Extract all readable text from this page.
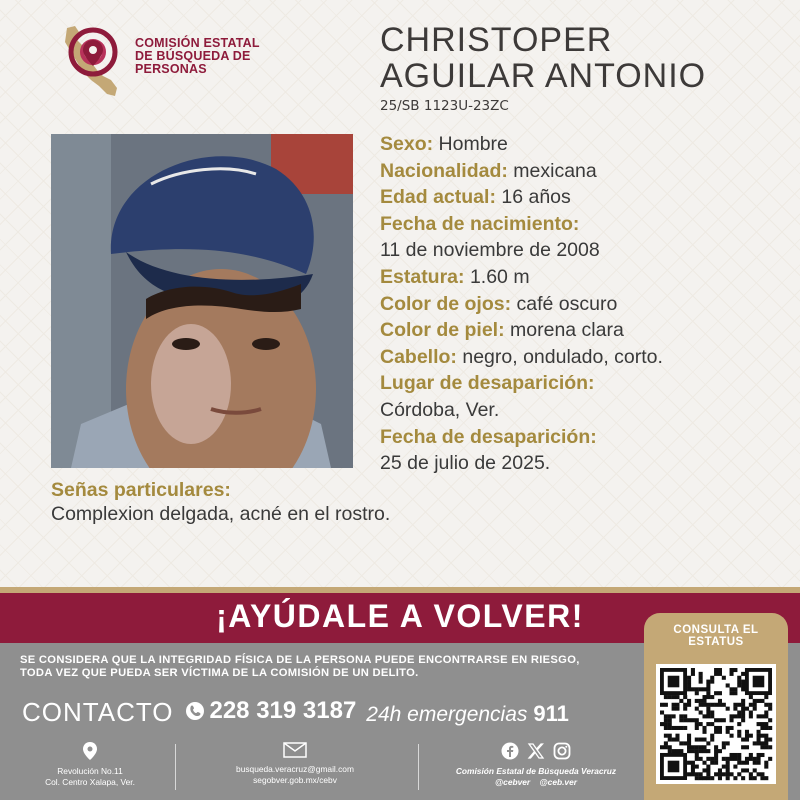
COMISIÓN ESTATAL
DE BÚSQUEDA DE
PERSONAS
CHRISTOPER
AGUILAR ANTONIO
25/SB 1123U-23ZC
Sexo: Hombre
Nacionalidad: mexicana
Edad actual: 16 años
Fecha de nacimiento:
11 de noviembre de 2008
Estatura: 1.60 m
Color de ojos: café oscuro
Color de piel: morena clara
Cabello: negro, ondulado, corto.
Lugar de desaparición:
Córdoba, Ver.
Fecha de desaparición:
25 de julio de 2025.
Señas particulares:
Complexion delgada, acné en el rostro.
¡AYÚDALE A VOLVER!
SE CONSIDERA QUE LA INTEGRIDAD FÍSICA DE LA PERSONA PUEDE ENCONTRARSE EN RIESGO,
TODA VEZ QUE PUEDA SER VÍCTIMA DE LA COMISIÓN DE UN DELITO.
CONTACTO 228 319 3187 24h emergencias 911
Revolución No.11
Col. Centro Xalapa, Ver.
busqueda.veracruz@gmail.com
segobver.gob.mx/cebv
Comisión Estatal de Búsqueda Veracruz
@cebver @ceb.ver
CONSULTA EL
ESTATUS
